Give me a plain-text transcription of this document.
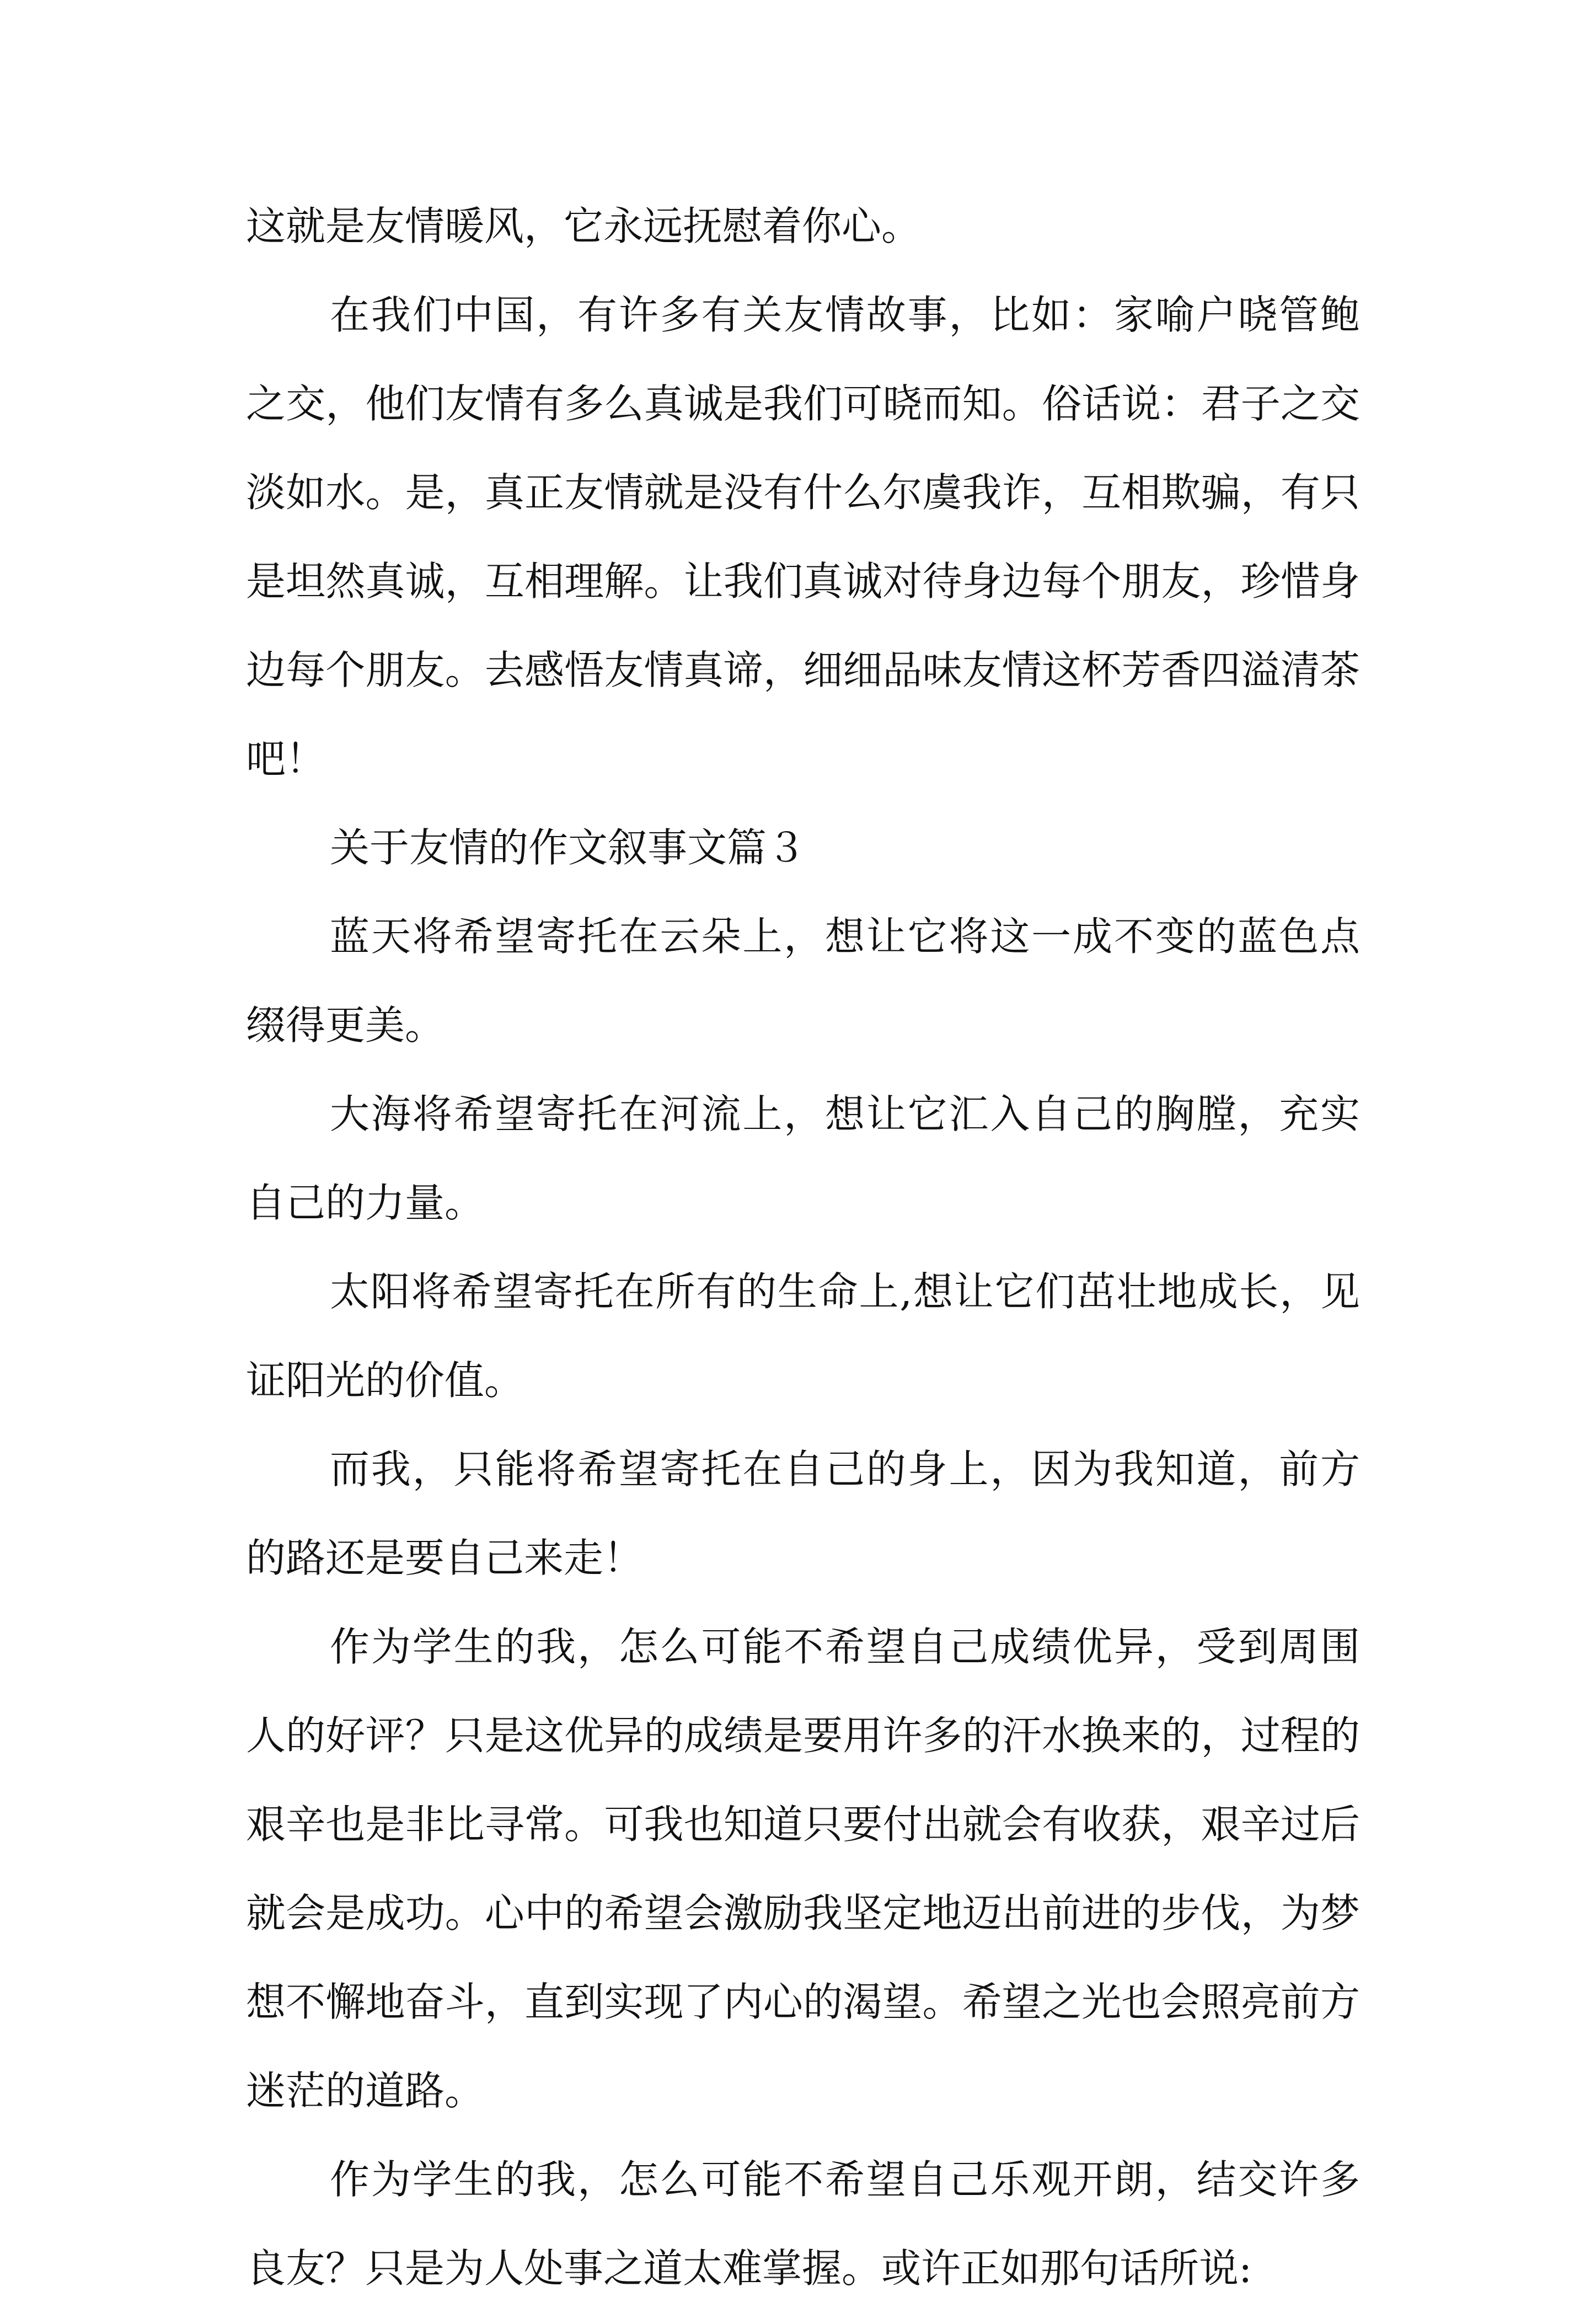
这就是友情暖风，它永远抚慰着你心。

在我们中国，有许多有关友情故事，比如：家喻户晓管鲍之交，他们友情有多么真诚是我们可晓而知。俗话说：君子之交淡如水。是，真正友情就是没有什么尔虞我诈，互相欺骗，有只是坦然真诚，互相理解。让我们真诚对待身边每个朋友，珍惜身边每个朋友。去感悟友情真谛，细细品味友情这杯芳香四溢清茶吧！

关于友情的作文叙事文篇３

蓝天将希望寄托在云朵上，想让它将这一成不变的蓝色点缀得更美。

大海将希望寄托在河流上，想让它汇入自己的胸膛，充实自己的力量。

太阳将希望寄托在所有的生命上,想让它们茁壮地成长，见证阳光的价值。

而我，只能将希望寄托在自己的身上，因为我知道，前方的路还是要自己来走！

作为学生的我，怎么可能不希望自己成绩优异，受到周围人的好评？只是这优异的成绩是要用许多的汗水换来的，过程的艰辛也是非比寻常。可我也知道只要付出就会有收获，艰辛过后就会是成功。心中的希望会激励我坚定地迈出前进的步伐，为梦想不懈地奋斗，直到实现了内心的渴望。希望之光也会照亮前方迷茫的道路。

作为学生的我，怎么可能不希望自己乐观开朗，结交许多良友？只是为人处事之道太难掌握。或许正如那句话所说:
